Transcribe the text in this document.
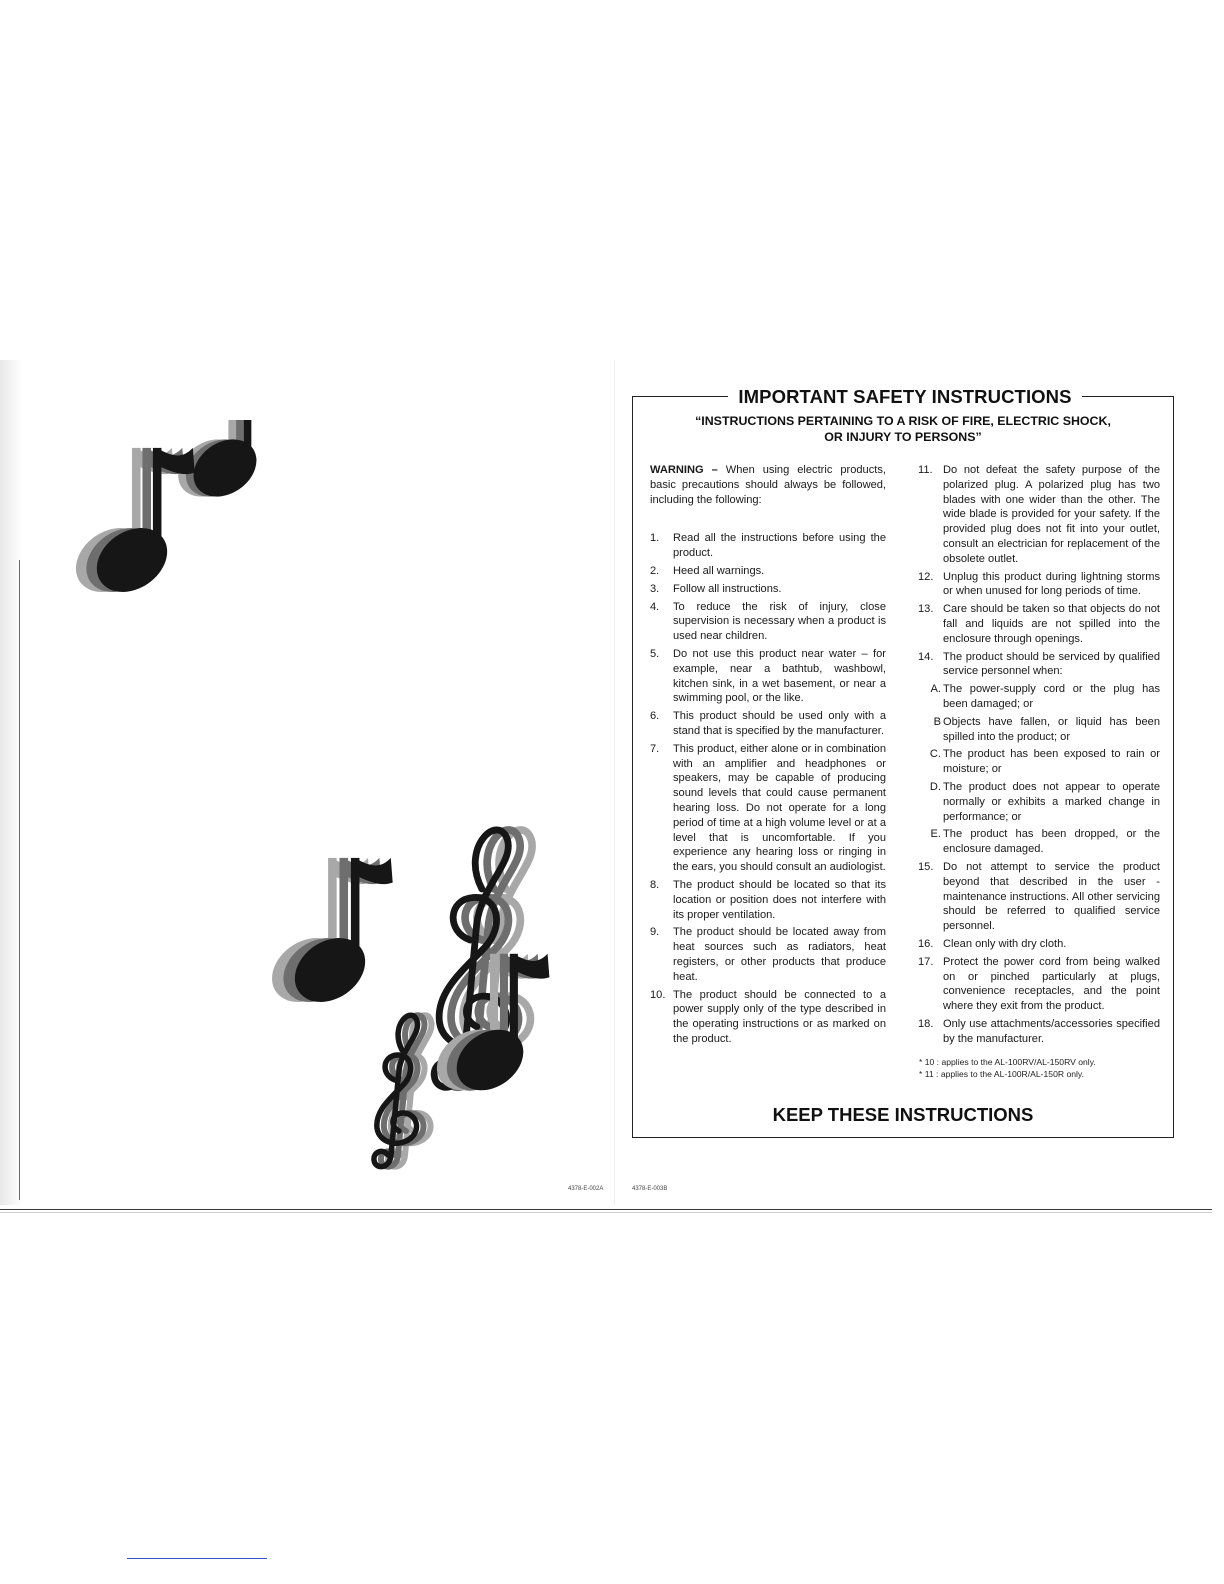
4378-E-002A	4378-E-003B
IMPORTANT SAFETY INSTRUCTIONS
“INSTRUCTIONS PERTAINING TO A RISK OF FIRE, ELECTRIC SHOCK,
OR INJURY TO PERSONS”

WARNING – When using electric products, basic precautions should always be followed, including the following:

1.	Read all the instructions before using the product.
2.	Heed all warnings.
3.	Follow all instructions.
4.	To reduce the risk of injury, close supervision is necessary when a product is used near children.
5.	Do not use this product near water – for example, near a bathtub, washbowl, kitchen sink, in a wet basement, or near a swimming pool, or the like.
6.	This product should be used only with a stand that is specified by the manufacturer.
7.	This product, either alone or in combination with an amplifier and headphones or speakers, may be capable of producing sound levels that could cause permanent hearing loss. Do not operate for a long period of time at a high volume level or at a level that is uncomfortable. If you experience any hearing loss or ringing in the ears, you should consult an audiologist.
8.	The product should be located so that its location or position does not interfere with its proper ventilation.
9.	The product should be located away from heat sources such as radiators, heat registers, or other products that produce heat.
10. The product should be connected to a power supply only of the type described in the operating instructions or as marked on the product.
11. Do not defeat the safety purpose of the polarized plug. A polarized plug has two blades with one wider than the other. The wide blade is provided for your safety. If the provided plug does not fit into your outlet, consult an electrician for replacement of the obsolete outlet.
12. Unplug this product during lightning storms or when unused for long periods of time.
13. Care should be taken so that objects do not fall and liquids are not spilled into the enclosure through openings.
14. The product should be serviced by qualified service personnel when:
A. The power-supply cord or the plug has been damaged; or
B Objects have fallen, or liquid has been spilled into the product; or
C. The product has been exposed to rain or moisture; or
D. The product does not appear to operate normally or exhibits a marked change in performance; or
E. The product has been dropped, or the enclosure damaged.
15. Do not attempt to service the product beyond that described in the user - maintenance instructions. All other servicing should be referred to qualified service personnel.
16. Clean only with dry cloth.
17. Protect the power cord from being walked on or pinched particularly at plugs, convenience receptacles, and the point where they exit from the product.
18. Only use attachments/accessories specified by the manufacturer.
* 10 : applies to the AL-100RV/AL-150RV only.
* 11 : applies to the AL-100R/AL-150R only.
KEEP THESE INSTRUCTIONS
